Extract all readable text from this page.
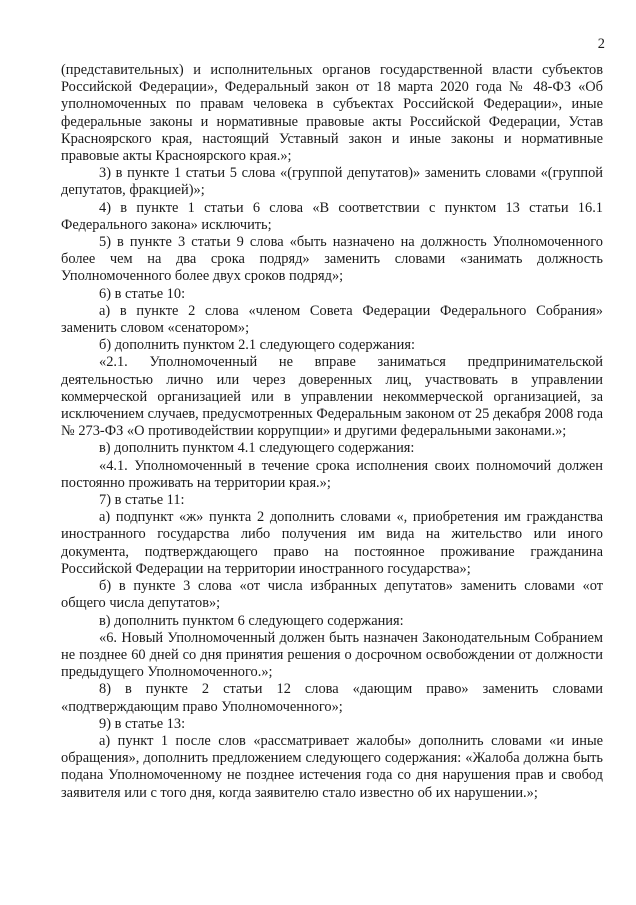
2

(представительных) и исполнительных органов государственной власти субъектов Российской Федерации», Федеральный закон от 18 марта 2020 года № 48-ФЗ «Об уполномоченных по правам человека в субъектах Российской Федерации», иные федеральные законы и нормативные правовые акты Российской Федерации, Устав Красноярского края, настоящий Уставный закон и иные законы и нормативные правовые акты Красноярского края.»;

3) в пункте 1 статьи 5 слова «(группой депутатов)» заменить словами «(группой депутатов, фракцией)»;

4) в пункте 1 статьи 6 слова «В соответствии с пунктом 13 статьи 16.1 Федерального закона» исключить;

5) в пункте 3 статьи 9 слова «быть назначено на должность Уполномоченного более чем на два срока подряд» заменить словами «занимать должность Уполномоченного более двух сроков подряд»;

6) в статье 10:

а) в пункте 2 слова «членом Совета Федерации Федерального Собрания» заменить словом «сенатором»;

б) дополнить пунктом 2.1 следующего содержания:

«2.1. Уполномоченный не вправе заниматься предпринимательской деятельностью лично или через доверенных лиц, участвовать в управлении коммерческой организацией или в управлении некоммерческой организацией, за исключением случаев, предусмотренных Федеральным законом от 25 декабря 2008 года № 273-ФЗ «О противодействии коррупции» и другими федеральными законами.»;

в) дополнить пунктом 4.1 следующего содержания:

«4.1. Уполномоченный в течение срока исполнения своих полномочий должен постоянно проживать на территории края.»;

7) в статье 11:

а) подпункт «ж» пункта 2 дополнить словами «, приобретения им гражданства иностранного государства либо получения им вида на жительство или иного документа, подтверждающего право на постоянное проживание гражданина Российской Федерации на территории иностранного государства»;

б) в пункте 3 слова «от числа избранных депутатов» заменить словами «от общего числа депутатов»;

в) дополнить пунктом 6 следующего содержания:

«6. Новый Уполномоченный должен быть назначен Законодательным Собранием не позднее 60 дней со дня принятия решения о досрочном освобождении от должности предыдущего Уполномоченного.»;

8) в пункте 2 статьи 12 слова «дающим право» заменить словами «подтверждающим право Уполномоченного»;

9) в статье 13:

а) пункт 1 после слов «рассматривает жалобы» дополнить словами «и иные обращения», дополнить предложением следующего содержания: «Жалоба должна быть подана Уполномоченному не позднее истечения года со дня нарушения прав и свобод заявителя или с того дня, когда заявителю стало известно об их нарушении.»;
